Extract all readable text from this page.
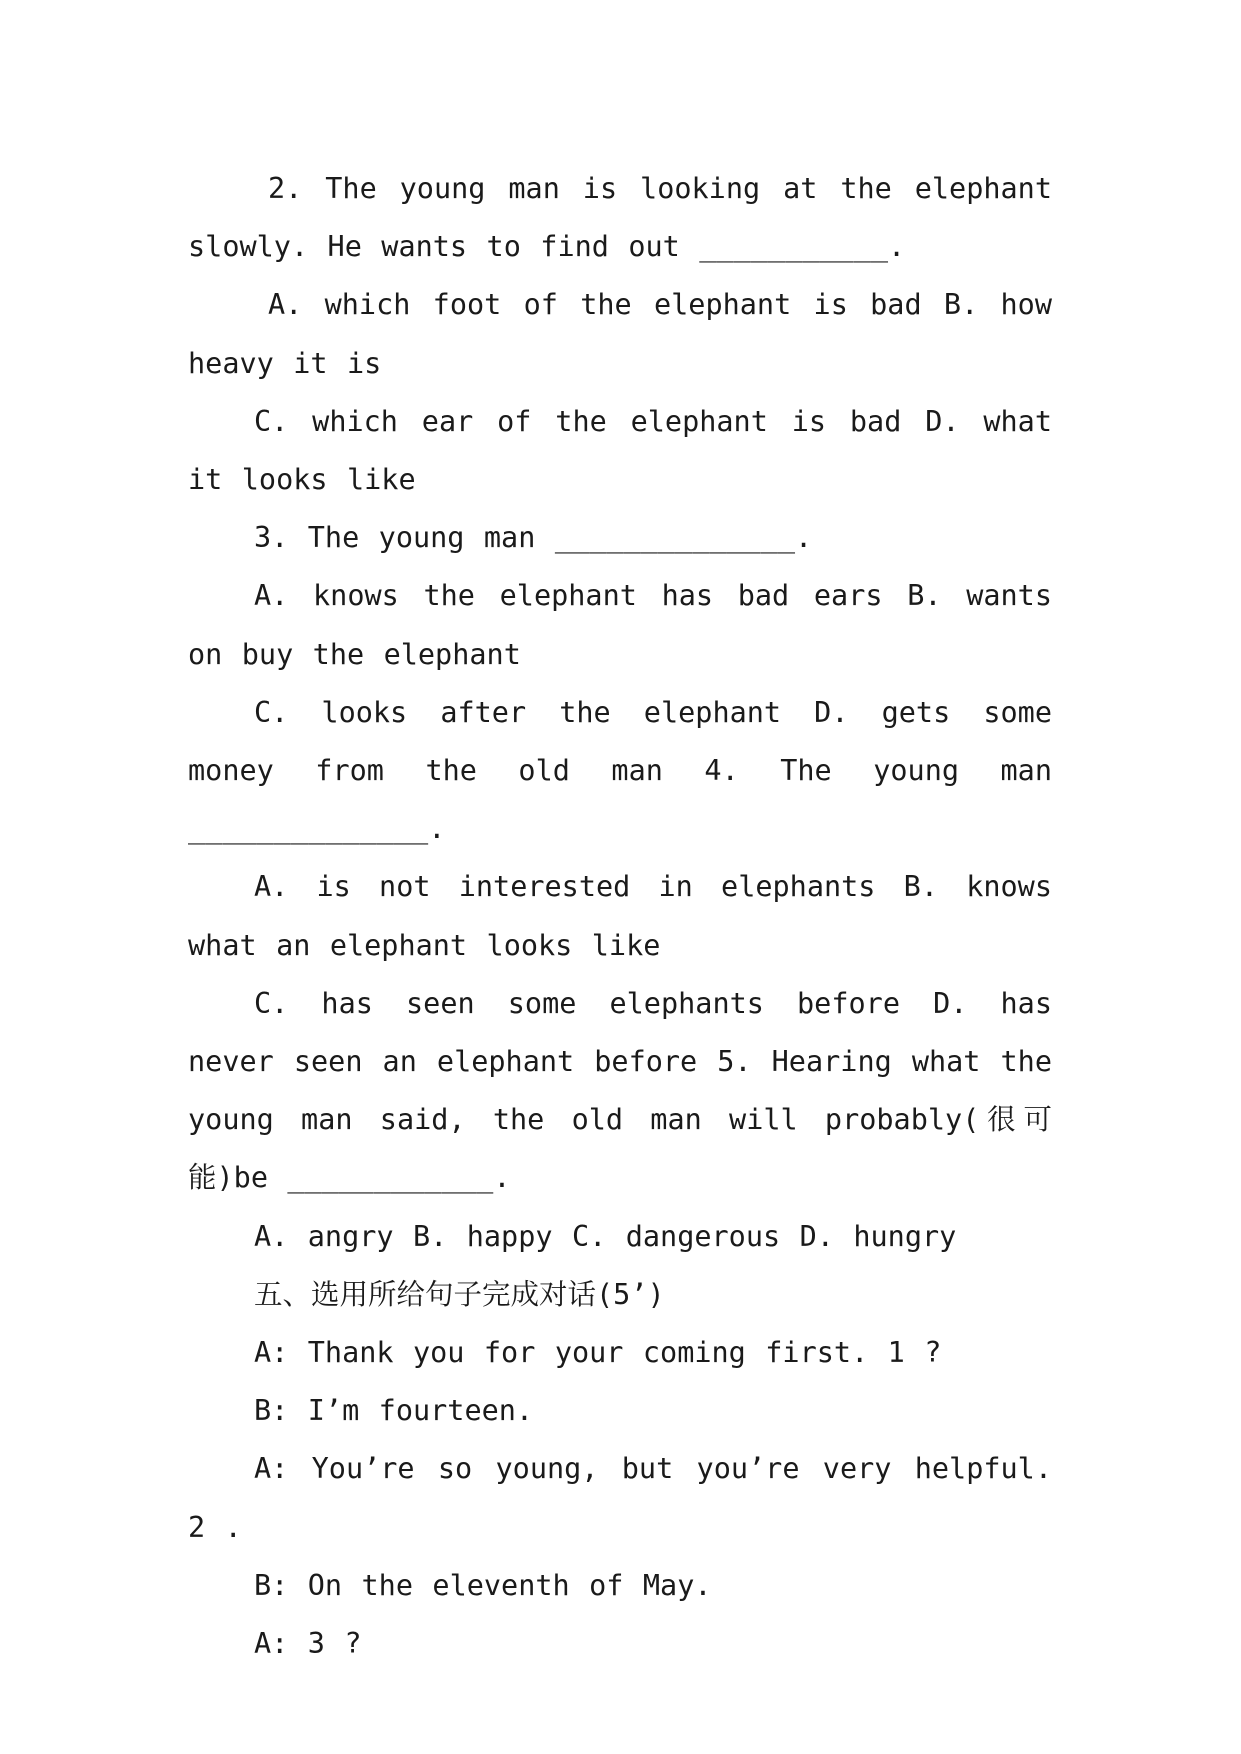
2. The young man is looking at the elephant slowly. He wants to find out ___________.

A. which foot of the elephant is bad B. how heavy it is

C. which ear of the elephant is bad D. what it looks like

3. The young man ______________.

A. knows the elephant has bad ears B. wants on buy the elephant

C. looks after the elephant D. gets some money from the old man 4. The young man ______________.

A. is not interested in elephants B. knows what an elephant looks like

C. has seen some elephants before D. has never seen an elephant before 5. Hearing what the young man said, the old man will probably(很可能)be ____________.

A. angry B. happy C. dangerous D. hungry

五、选用所给句子完成对话(5’)

A: Thank you for your coming first. 1 ?

B: I’m fourteen.

A: You’re so young, but you’re very helpful. 2 .

B: On the eleventh of May.

A: 3 ?
